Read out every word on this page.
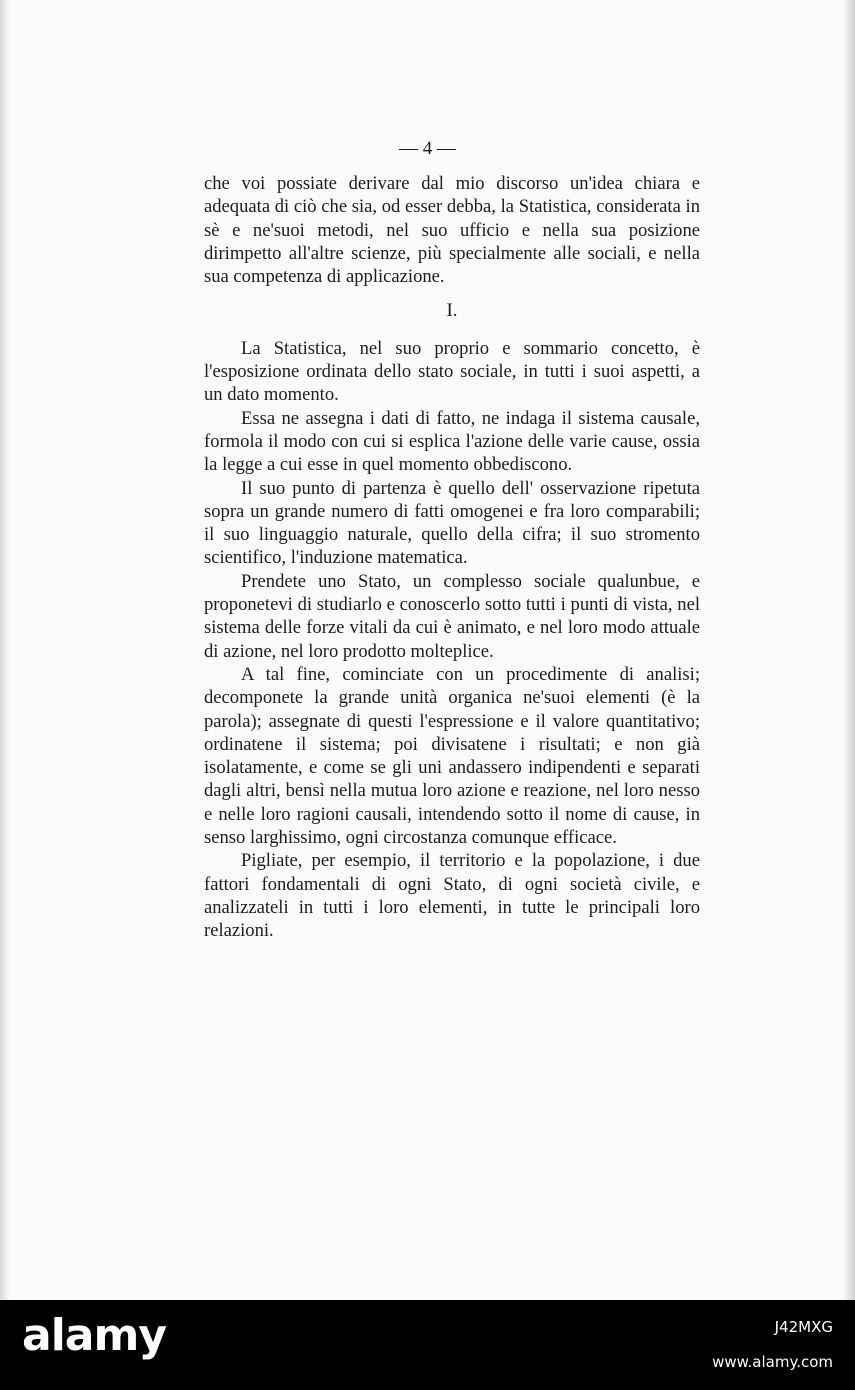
— 4 —

che voi possiate derivare dal mio discorso un'idea chiara e adequata di ciò che sia, od esser debba, la Statistica, considerata in sè e ne'suoi metodi, nel suo ufficio e nella sua posizione dirimpetto all'altre scienze, più specialmente alle sociali, e nella sua competenza di applicazione.

I.

La Statistica, nel suo proprio e sommario concetto, è l'esposizione ordinata dello stato sociale, in tutti i suoi aspetti, a un dato momento.

Essa ne assegna i dati di fatto, ne indaga il sistema causale, formola il modo con cui si esplica l'azione delle varie cause, ossia la legge a cui esse in quel momento obbediscono.

Il suo punto di partenza è quello dell' osservazione ripetuta sopra un grande numero di fatti omogenei e fra loro comparabili; il suo linguaggio naturale, quello della cifra; il suo stromento scientifico, l'induzione matematica.

Prendete uno Stato, un complesso sociale qualunbue, e proponetevi di studiarlo e conoscerlo sotto tutti i punti di vista, nel sistema delle forze vitali da cui è animato, e nel loro modo attuale di azione, nel loro prodotto molteplice.

A tal fine, cominciate con un procedimente di analisi; decomponete la grande unità organica ne'suoi elementi (è la parola); assegnate di questi l'espressione e il valore quantitativo; ordinatene il sistema; poi divisatene i risultati; e non già isolatamente, e come se gli uni andassero indipendenti e separati dagli altri, bensì nella mutua loro azione e reazione, nel loro nesso e nelle loro ragioni causali, intendendo sotto il nome di cause, in senso larghissimo, ogni circostanza comunque efficace.

Pigliate, per esempio, il territorio e la popolazione, i due fattori fondamentali di ogni Stato, di ogni società civile, e analizzateli in tutti i loro elementi, in tutte le principali loro relazioni.

alamy	J42MXG
www.alamy.com
